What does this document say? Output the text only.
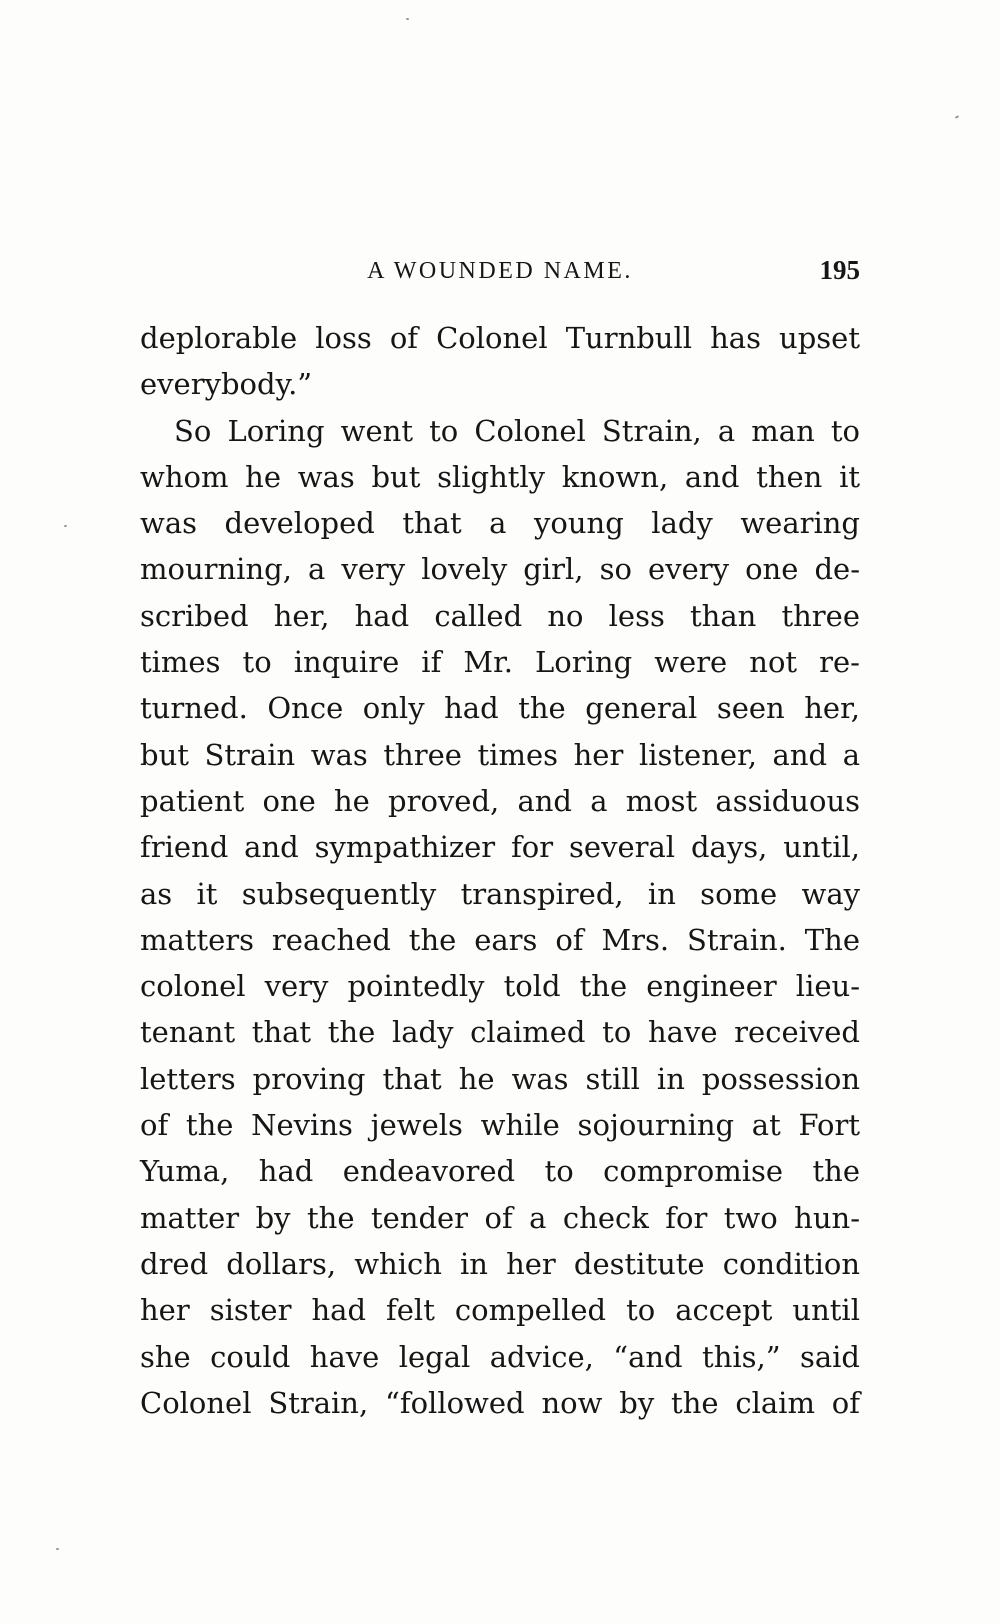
A WOUNDED NAME.	195
deplorable loss of Colonel Turnbull has upset
everybody.”
So Loring went to Colonel Strain, a man to
whom he was but slightly known, and then it
was developed that a young lady wearing
mourning, a very lovely girl, so every one de-
scribed her, had called no less than three
times to inquire if Mr. Loring were not re-
turned. Once only had the general seen her,
but Strain was three times her listener, and a
patient one he proved, and a most assiduous
friend and sympathizer for several days, until,
as it subsequently transpired, in some way
matters reached the ears of Mrs. Strain. The
colonel very pointedly told the engineer lieu-
tenant that the lady claimed to have received
letters proving that he was still in possession
of the Nevins jewels while sojourning at Fort
Yuma, had endeavored to compromise the
matter by the tender of a check for two hun-
dred dollars, which in her destitute condition
her sister had felt compelled to accept until
she could have legal advice, “and this,” said
Colonel Strain, “followed now by the claim of
